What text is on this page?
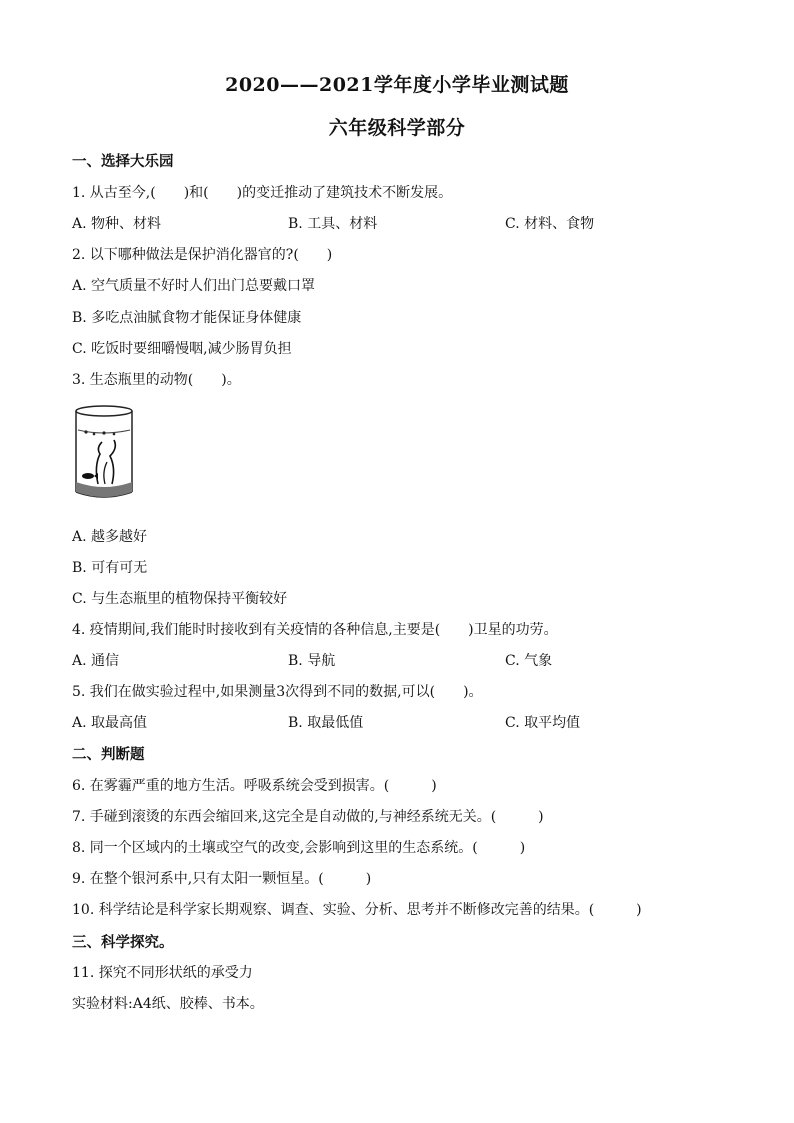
2020——2021学年度小学毕业测试题
六年级科学部分
一、选择大乐园
1. 从古至今,(　　)和(　　)的变迁推动了建筑技术不断发展。
A. 物种、材料	B. 工具、材料	C. 材料、食物
2. 以下哪种做法是保护消化器官的?(　　)
A. 空气质量不好时人们出门总要戴口罩
B. 多吃点油腻食物才能保证身体健康
C. 吃饭时要细嚼慢咽,减少肠胃负担
3. 生态瓶里的动物(　　)。
A. 越多越好
B. 可有可无
C. 与生态瓶里的植物保持平衡较好
4. 疫情期间,我们能时时接收到有关疫情的各种信息,主要是(　　)卫星的功劳。
A. 通信	B. 导航	C. 气象
5. 我们在做实验过程中,如果测量3次得到不同的数据,可以(　　)。
A. 取最高值	B. 取最低值	C. 取平均值
二、判断题
6. 在雾霾严重的地方生活。呼吸系统会受到损害。(　　　)
7. 手碰到滚烫的东西会缩回来,这完全是自动做的,与神经系统无关。(　　　)
8. 同一个区域内的土壤或空气的改变,会影响到这里的生态系统。(　　　)
9. 在整个银河系中,只有太阳一颗恒星。(　　　)
10. 科学结论是科学家长期观察、调查、实验、分析、思考并不断修改完善的结果。(　　　)
三、科学探究。
11. 探究不同形状纸的承受力
实验材料:A4纸、胶棒、书本。
